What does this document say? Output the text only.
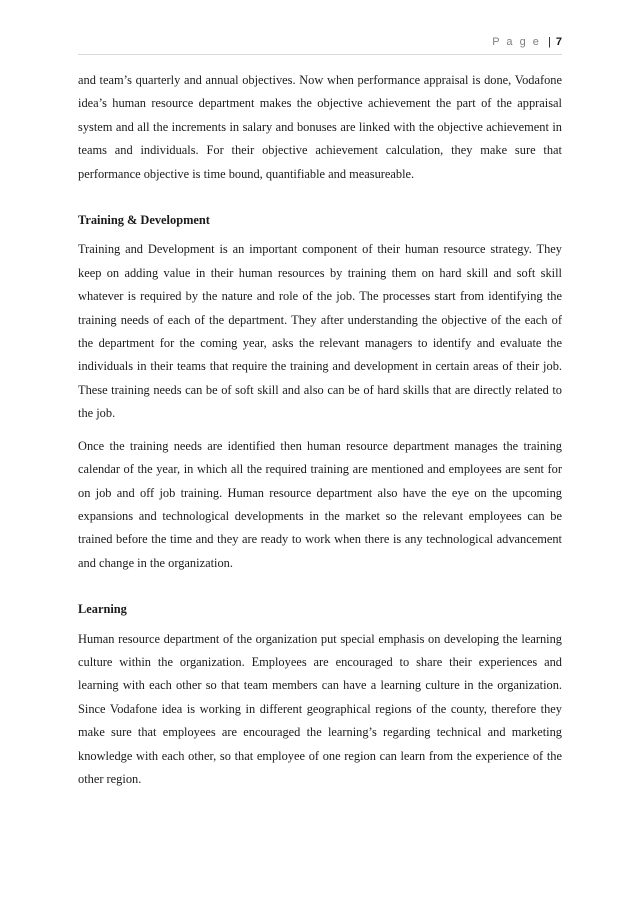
P a g e | 7

and team’s quarterly and annual objectives. Now when performance appraisal is done, Vodafone idea’s human resource department makes the objective achievement the part of the appraisal system and all the increments in salary and bonuses are linked with the objective achievement in teams and individuals. For their objective achievement calculation, they make sure that performance objective is time bound, quantifiable and measureable.

Training & Development

Training and Development is an important component of their human resource strategy. They keep on adding value in their human resources by training them on hard skill and soft skill whatever is required by the nature and role of the job. The processes start from identifying the training needs of each of the department. They after understanding the objective of the each of the department for the coming year, asks the relevant managers to identify and evaluate the individuals in their teams that require the training and development in certain areas of their job. These training needs can be of soft skill and also can be of hard skills that are directly related to the job.

Once the training needs are identified then human resource department manages the training calendar of the year, in which all the required training are mentioned and employees are sent for on job and off job training. Human resource department also have the eye on the upcoming expansions and technological developments in the market so the relevant employees can be trained before the time and they are ready to work when there is any technological advancement and change in the organization.

Learning

Human resource department of the organization put special emphasis on developing the learning culture within the organization. Employees are encouraged to share their experiences and learning with each other so that team members can have a learning culture in the organization. Since Vodafone idea is working in different geographical regions of the county, therefore they make sure that employees are encouraged the learning’s regarding technical and marketing knowledge with each other, so that employee of one region can learn from the experience of the other region.
